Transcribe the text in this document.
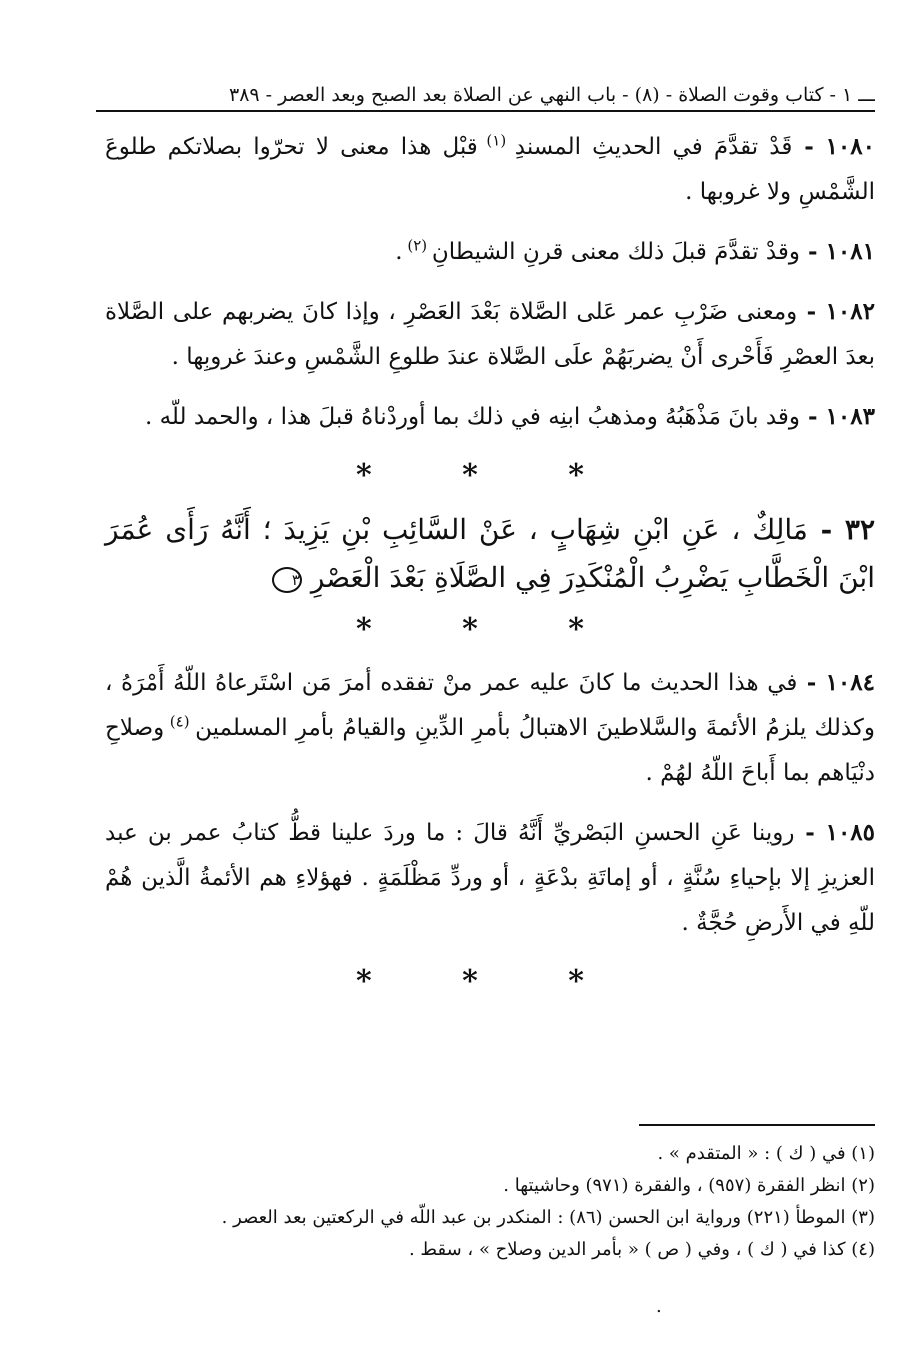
ـــ ١ - كتاب وقوت الصلاة - (٨) - باب النهي عن الصلاة بعد الصبح وبعد العصر - ٣٨٩

١٠٨٠ - قَدْ تقدَّمَ في الحديثِ المسندِ $^{(١)}$ قبْل هذا معنى لا تحرّوا بصلاتكم طلوعَ الشَّمْسِ ولا غروبها .

١٠٨١ - وقدْ تقدَّمَ قبلَ ذلك معنى قرنِ الشيطانِ $^{(٢)}$ .

١٠٨٢ - ومعنى ضَرْبِ عمر عَلى الصَّلاة بَعْدَ العَصْرِ ، وإذا كانَ يضربهم على الصَّلاة بعدَ العصْرِ فَأَحْرى أَنْ يضربَهُمْ علَى الصَّلاة عندَ طلوعِ الشَّمْسِ وعندَ غروبِها .

١٠٨٣ - وقد بانَ مَذْهَبُهُ ومذهبُ ابنِه في ذلك بما أوردْناهُ قبلَ هذا ، والحمد للّه .

* * *

٣٢ - مَالِكٌ ، عَنِ ابْنِ شِهَابٍ ، عَنْ السَّائِبِ بْنِ يَزِيدَ ؛ أَنَّهُ رَأَى عُمَرَ ابْنَ الْخَطَّابِ يَضْرِبُ الْمُنْكَدِرَ فِي الصَّلَاةِ بَعْدَ الْعَصْرِ ٣

* * *

١٠٨٤ - في هذا الحديث ما كانَ عليه عمر منْ تفقده أمرَ مَن اسْتَرعاهُ اللّهُ أَمْرَهُ ، وكذلك يلزمُ الأئمةَ والسَّلاطينَ الاهتبالُ بأمرِ الدِّينِ والقيامُ بأمرِ المسلمين $^{(٤)}$ وصلاحِ دنْيَاهم بما أَباحَ اللّهُ لهُمْ .

١٠٨٥ - روينا عَنِ الحسنِ البَصْريِّ أَنَّهُ قالَ : ما وردَ علينا قطُّ كتابُ عمر بن عبد العزيزِ إلا بإحياءِ سُنَّةٍ ، أو إماتَةِ بدْعَةٍ ، أو وردِّ مَظْلَمَةٍ . فهؤلاءِ هم الأئمةُ الَّذين هُمْ للّهِ في الأَرضِ حُجَّةٌ .

* * *

(١) في ( ك ) : « المتقدم » .

(٢) انظر الفقرة (٩٥٧) ، والفقرة (٩٧١) وحاشيتها .

(٣) الموطأ (٢٢١) ورواية ابن الحسن (٨٦) : المنكدر بن عبد اللّه في الركعتين بعد العصر .

(٤) كذا في ( ك ) ، وفي ( ص ) « بأمر الدين وصلاح » ، سقط .

.
